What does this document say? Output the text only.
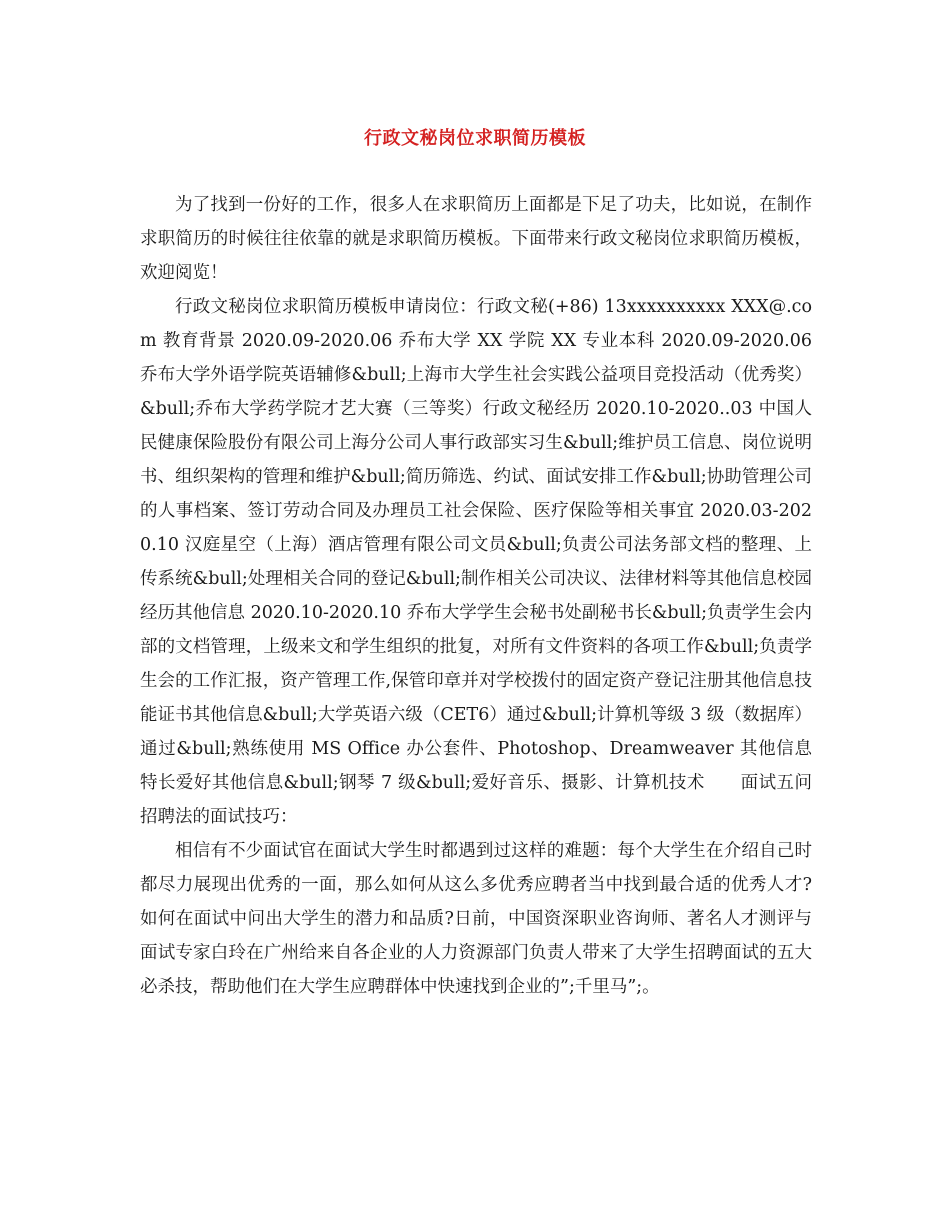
行政文秘岗位求职简历模板

为了找到一份好的工作，很多人在求职简历上面都是下足了功夫，比如说，在制作求职简历的时候往往依靠的就是求职简历模板。下面带来行政文秘岗位求职简历模板，欢迎阅览！

行政文秘岗位求职简历模板申请岗位：行政文秘(+86) 13xxxxxxxxxx XXX@.com 教育背景 2020.09-2020.06 乔布大学 XX 学院 XX 专业本科 2020.09-2020.06 乔布大学外语学院英语辅修&bull;上海市大学生社会实践公益项目竞投活动（优秀奖）&bull;乔布大学药学院才艺大赛（三等奖）行政文秘经历 2020.10-2020..03 中国人民健康保险股份有限公司上海分公司人事行政部实习生&bull;维护员工信息、岗位说明书、组织架构的管理和维护&bull;简历筛选、约试、面试安排工作&bull;协助管理公司的人事档案、签订劳动合同及办理员工社会保险、医疗保险等相关事宜 2020.03-2020.10 汉庭星空（上海）酒店管理有限公司文员&bull;负责公司法务部文档的整理、上传系统&bull;处理相关合同的登记&bull;制作相关公司决议、法律材料等其他信息校园经历其他信息 2020.10-2020.10 乔布大学学生会秘书处副秘书长&bull;负责学生会内部的文档管理，上级来文和学生组织的批复，对所有文件资料的各项工作&bull;负责学生会的工作汇报，资产管理工作,保管印章并对学校拨付的固定资产登记注册其他信息技能证书其他信息&bull;大学英语六级（CET6）通过&bull;计算机等级 3 级（数据库）通过&bull;熟练使用 MS Office 办公套件、Photoshop、Dreamweaver 其他信息特长爱好其他信息&bull;钢琴 7 级&bull;爱好音乐、摄影、计算机技术　　面试五问招聘法的面试技巧：

相信有不少面试官在面试大学生时都遇到过这样的难题：每个大学生在介绍自己时都尽力展现出优秀的一面，那么如何从这么多优秀应聘者当中找到最合适的优秀人才?如何在面试中问出大学生的潜力和品质?日前，中国资深职业咨询师、著名人才测评与面试专家白玲在广州给来自各企业的人力资源部门负责人带来了大学生招聘面试的五大必杀技，帮助他们在大学生应聘群体中快速找到企业的”;千里马”;。
